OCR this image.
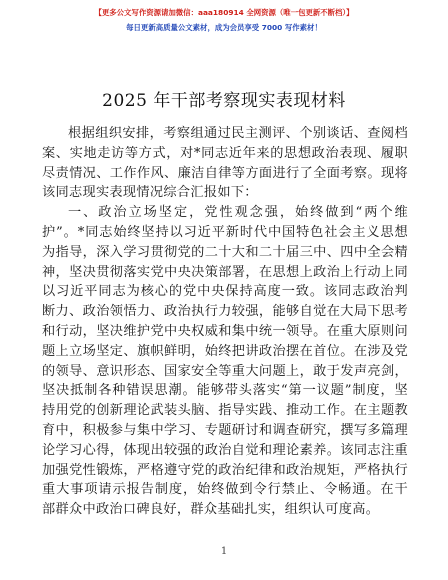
【更多公文写作资源请加微信：aaa180914 全网资源（唯一包更新不断档）】
每日更新高质量公文素材，成为会员享受 7000 写作素材！
2025 年干部考察现实表现材料
根据组织安排，考察组通过民主测评、个别谈话、查阅档
案、实地走访等方式，对*同志近年来的思想政治表现、履职
尽责情况、工作作风、廉洁自律等方面进行了全面考察。现将
该同志现实表现情况综合汇报如下：
一、政治立场坚定，党性观念强，始终做到“两个维
护”。*同志始终坚持以习近平新时代中国特色社会主义思想
为指导，深入学习贯彻党的二十大和二十届三中、四中全会精
神，坚决贯彻落实党中央决策部署，在思想上政治上行动上同
以习近平同志为核心的党中央保持高度一致。该同志政治判
断力、政治领悟力、政治执行力较强，能够自觉在大局下思考
和行动，坚决维护党中央权威和集中统一领导。在重大原则问
题上立场坚定、旗帜鲜明，始终把讲政治摆在首位。在涉及党
的领导、意识形态、国家安全等重大问题上，敢于发声亮剑，
坚决抵制各种错误思潮。能够带头落实“第一议题”制度，坚
持用党的创新理论武装头脑、指导实践、推动工作。在主题教
育中，积极参与集中学习、专题研讨和调查研究，撰写多篇理
论学习心得，体现出较强的政治自觉和理论素养。该同志注重
加强党性锻炼，严格遵守党的政治纪律和政治规矩，严格执行
重大事项请示报告制度，始终做到令行禁止、令畅通。在干
部群众中政治口碑良好，群众基础扎实，组织认可度高。
1
